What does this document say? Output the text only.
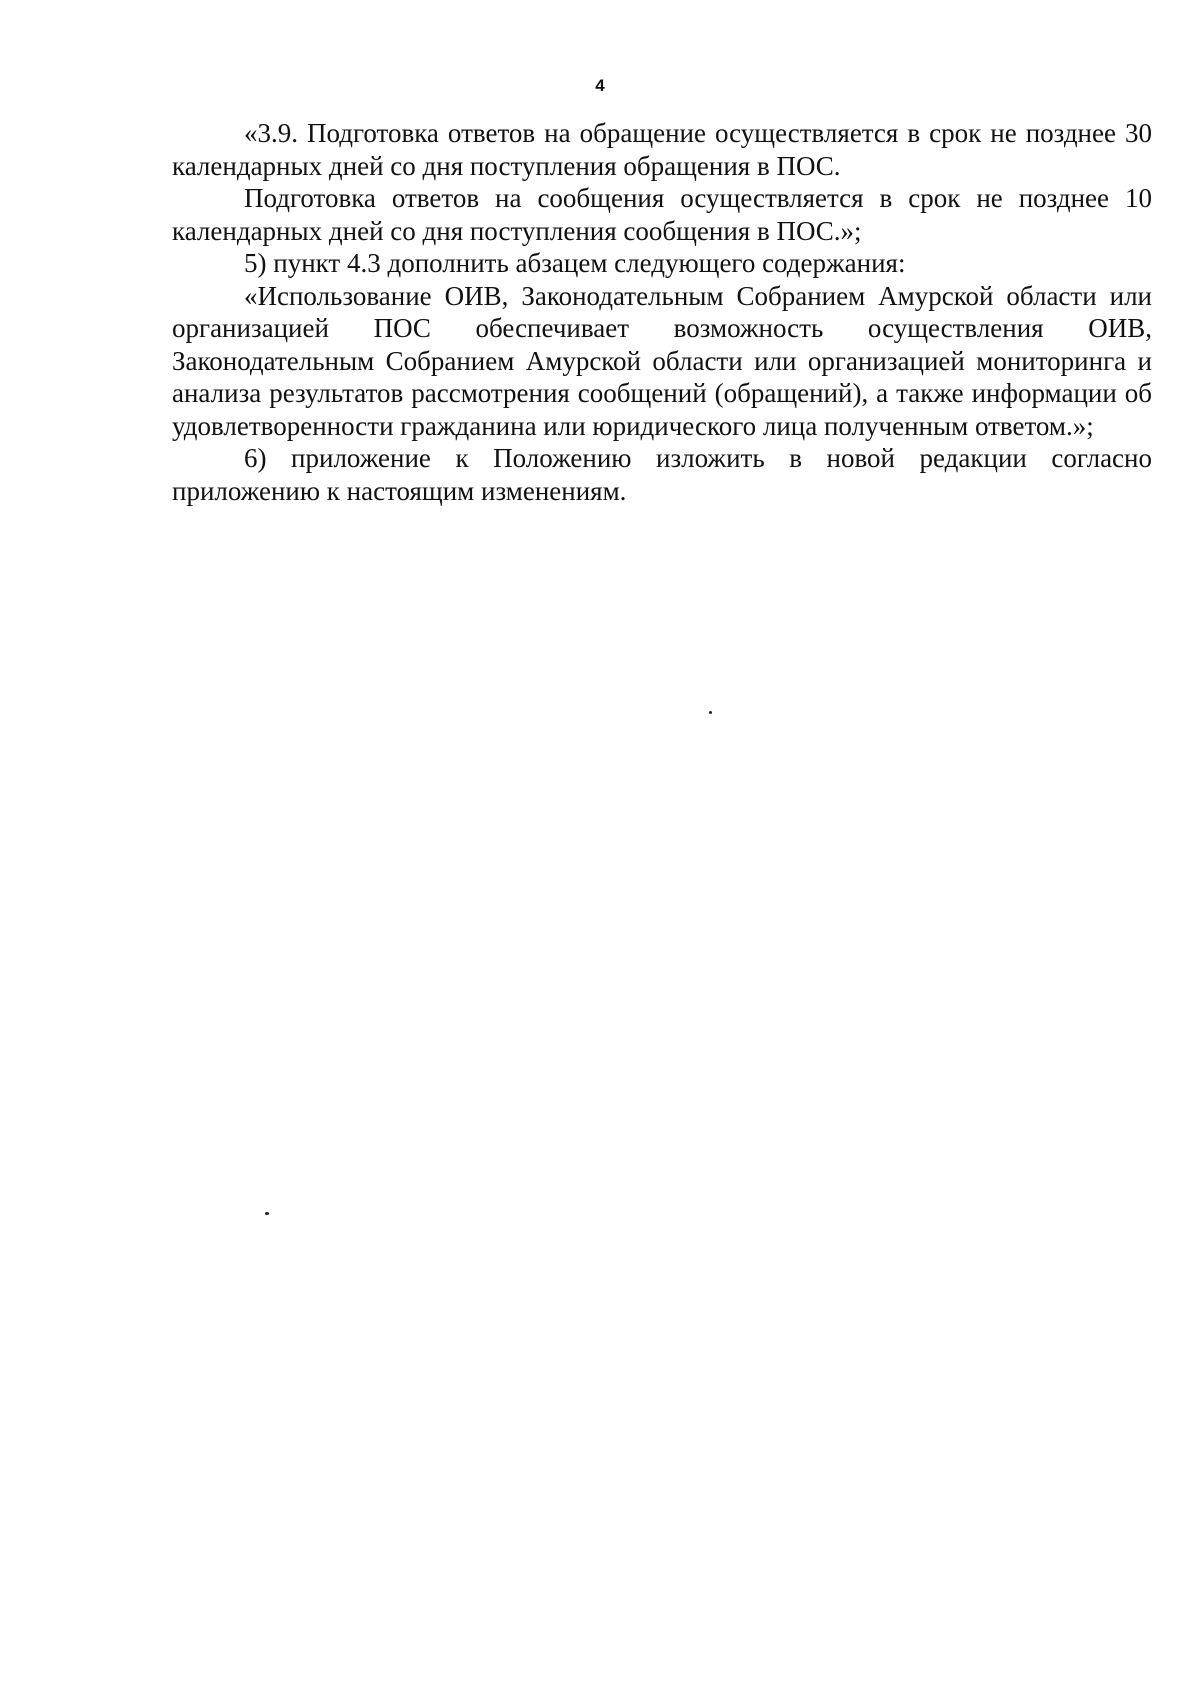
4

«3.9. Подготовка ответов на обращение осуществляется в срок не позднее 30 календарных дней со дня поступления обращения в ПОС.

Подготовка ответов на сообщения осуществляется в срок не позднее 10 календарных дней со дня поступления сообщения в ПОС.»;

5) пункт 4.3 дополнить абзацем следующего содержания:

«Использование ОИВ, Законодательным Собранием Амурской области или организацией ПОС обеспечивает возможность осуществления ОИВ, Законодательным Собранием Амурской области или организацией мониторинга и анализа результатов рассмотрения сообщений (обращений), а также информации об удовлетворенности гражданина или юридического лица полученным ответом.»;

6) приложение к Положению изложить в новой редакции согласно приложению к настоящим изменениям.
